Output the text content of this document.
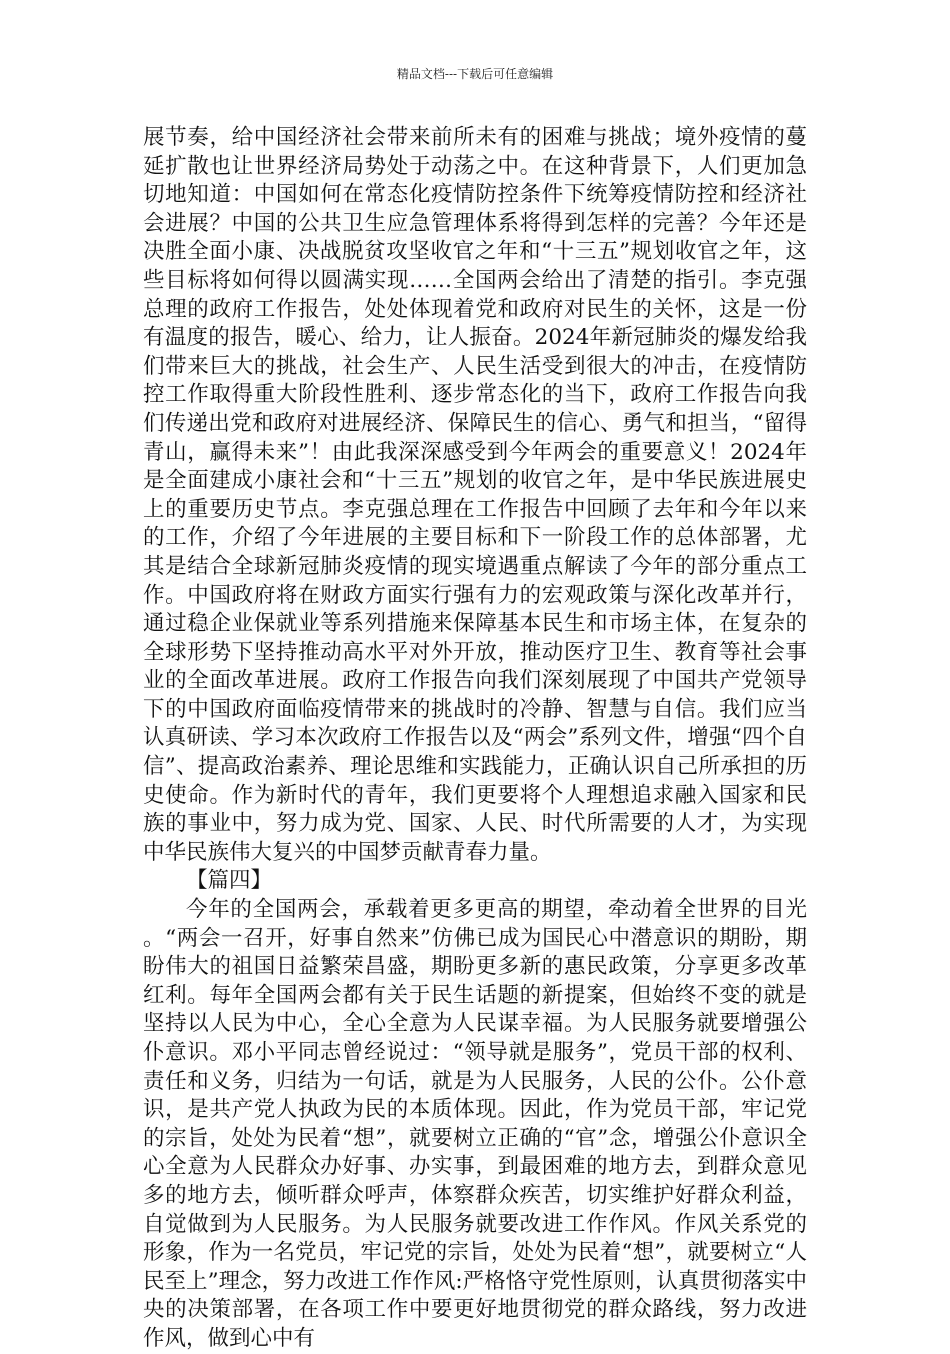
精品文档---下载后可任意编辑

展节奏，给中国经济社会带来前所未有的困难与挑战；境外疫情的蔓延扩散也让世界经济局势处于动荡之中。在这种背景下，人们更加急切地知道：中国如何在常态化疫情防控条件下统筹疫情防控和经济社会进展？中国的公共卫生应急管理体系将得到怎样的完善？今年还是决胜全面小康、决战脱贫攻坚收官之年和“十三五”规划收官之年，这些目标将如何得以圆满实现……全国两会给出了清楚的指引。李克强总理的政府工作报告，处处体现着党和政府对民生的关怀，这是一份有温度的报告，暖心、给力，让人振奋。2024年新冠肺炎的爆发给我们带来巨大的挑战，社会生产、人民生活受到很大的冲击，在疫情防控工作取得重大阶段性胜利、逐步常态化的当下，政府工作报告向我们传递出党和政府对进展经济、保障民生的信心、勇气和担当，“留得青山，赢得未来”！由此我深深感受到今年两会的重要意义！2024年是全面建成小康社会和“十三五”规划的收官之年，是中华民族进展史上的重要历史节点。李克强总理在工作报告中回顾了去年和今年以来的工作，介绍了今年进展的主要目标和下一阶段工作的总体部署，尤其是结合全球新冠肺炎疫情的现实境遇重点解读了今年的部分重点工作。中国政府将在财政方面实行强有力的宏观政策与深化改革并行，通过稳企业保就业等系列措施来保障基本民生和市场主体，在复杂的全球形势下坚持推动高水平对外开放，推动医疗卫生、教育等社会事业的全面改革进展。政府工作报告向我们深刻展现了中国共产党领导下的中国政府面临疫情带来的挑战时的冷静、智慧与自信。我们应当认真研读、学习本次政府工作报告以及“两会”系列文件，增强“四个自信”、提高政治素养、理论思维和实践能力，正确认识自己所承担的历史使命。作为新时代的青年，我们更要将个人理想追求融入国家和民族的事业中，努力成为党、国家、人民、时代所需要的人才，为实现中华民族伟大复兴的中国梦贡献青春力量。

【篇四】

今年的全国两会，承载着更多更高的期望，牵动着全世界的目光。“两会一召开，好事自然来”仿佛已成为国民心中潜意识的期盼，期盼伟大的祖国日益繁荣昌盛，期盼更多新的惠民政策，分享更多改革红利。每年全国两会都有关于民生话题的新提案，但始终不变的就是坚持以人民为中心，全心全意为人民谋幸福。为人民服务就要增强公仆意识。邓小平同志曾经说过：“领导就是服务”，党员干部的权利、责任和义务，归结为一句话，就是为人民服务，人民的公仆。公仆意识，是共产党人执政为民的本质体现。因此，作为党员干部，牢记党的宗旨，处处为民着“想”，就要树立正确的“官”念，增强公仆意识全心全意为人民群众办好事、办实事，到最困难的地方去，到群众意见多的地方去，倾听群众呼声，体察群众疾苦，切实维护好群众利益，自觉做到为人民服务。为人民服务就要改进工作作风。作风关系党的形象，作为一名党员，牢记党的宗旨，处处为民着“想”，就要树立“人民至上”理念，努力改进工作作风:严格恪守党性原则，认真贯彻落实中央的决策部署，在各项工作中要更好地贯彻党的群众路线，努力改进作风，做到心中有
